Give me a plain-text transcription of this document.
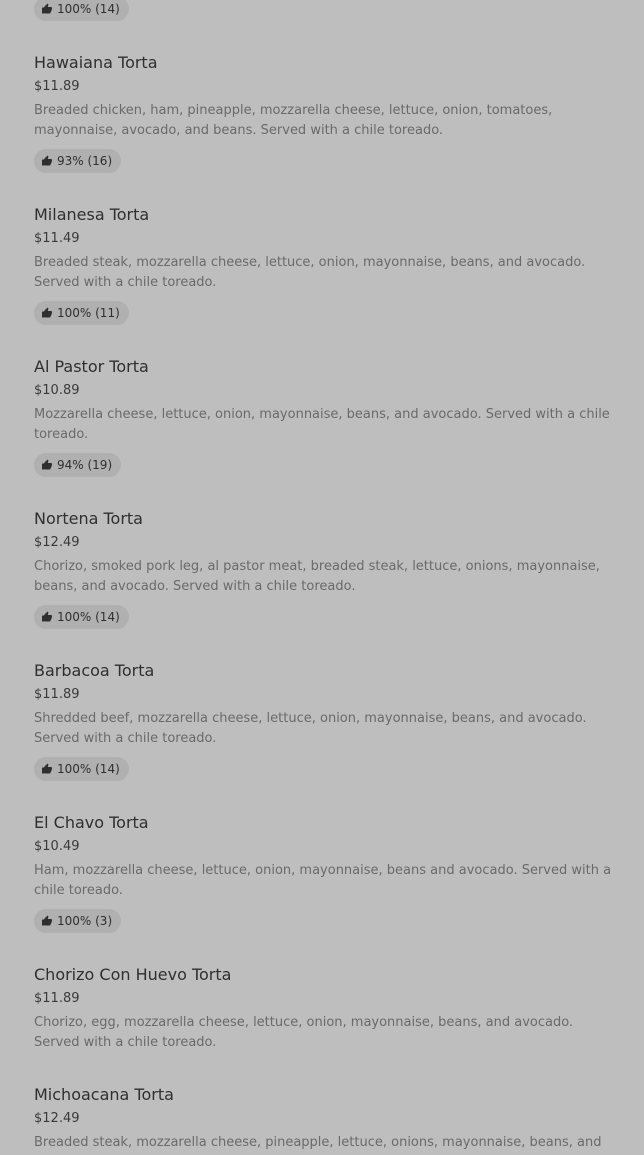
100% (14)
Hawaiana Torta
$11.89
Breaded chicken, ham, pineapple, mozzarella cheese, lettuce, onion, tomatoes, mayonnaise, avocado, and beans. Served with a chile toreado.
93% (16)
Milanesa Torta
$11.49
Breaded steak, mozzarella cheese, lettuce, onion, mayonnaise, beans, and avocado. Served with a chile toreado.
100% (11)
Al Pastor Torta
$10.89
Mozzarella cheese, lettuce, onion, mayonnaise, beans, and avocado. Served with a chile toreado.
94% (19)
Nortena Torta
$12.49
Chorizo, smoked pork leg, al pastor meat, breaded steak, lettuce, onions, mayonnaise, beans, and avocado. Served with a chile toreado.
100% (14)
Barbacoa Torta
$11.89
Shredded beef, mozzarella cheese, lettuce, onion, mayonnaise, beans, and avocado. Served with a chile toreado.
100% (14)
El Chavo Torta
$10.49
Ham, mozzarella cheese, lettuce, onion, mayonnaise, beans and avocado. Served with a chile toreado.
100% (3)
Chorizo Con Huevo Torta
$11.89
Chorizo, egg, mozzarella cheese, lettuce, onion, mayonnaise, beans, and avocado. Served with a chile toreado.
Michoacana Torta
$12.49
Breaded steak, mozzarella cheese, pineapple, lettuce, onions, mayonnaise, beans, and
